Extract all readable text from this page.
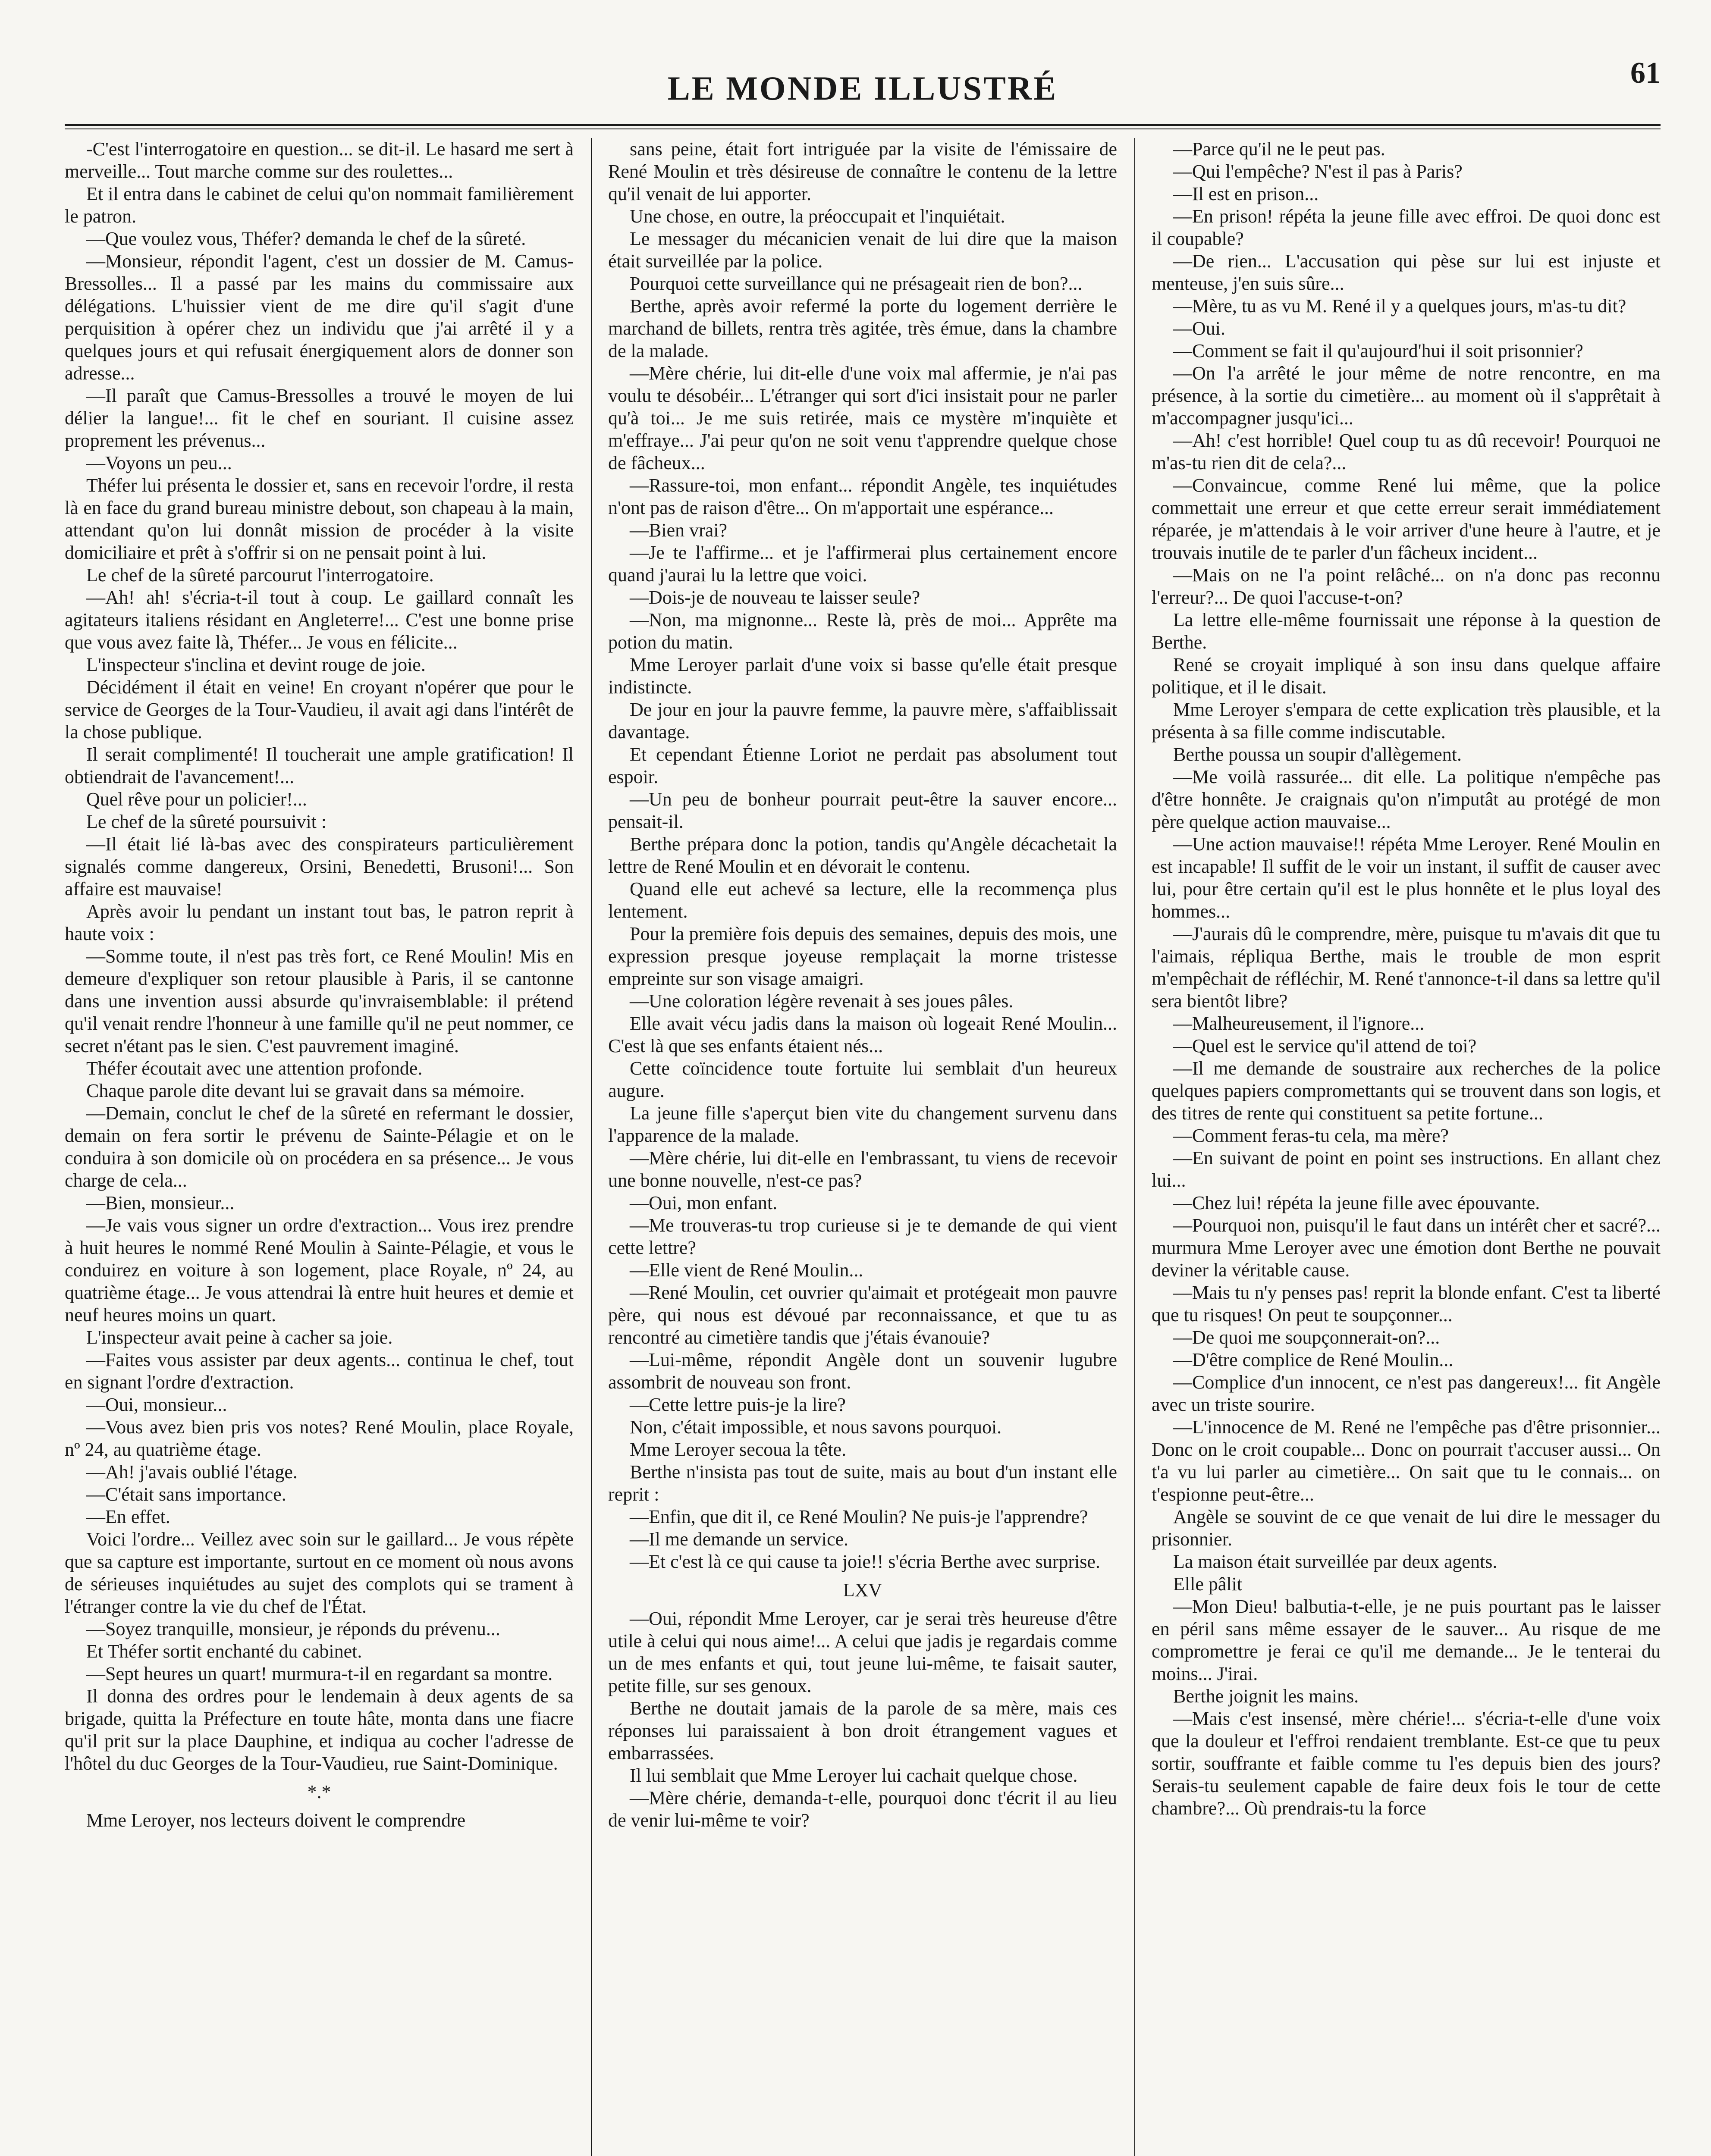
LE MONDE ILLUSTRÉ	61

-C'est l'interrogatoire en question... se dit-il. Le hasard me sert à merveille... Tout marche comme sur des roulettes...

Et il entra dans le cabinet de celui qu'on nommait familièrement le patron.

—Que voulez vous, Théfer? demanda le chef de la sûreté.

—Monsieur, répondit l'agent, c'est un dossier de M. Camus-Bressolles... Il a passé par les mains du commissaire aux délégations. L'huissier vient de me dire qu'il s'agit d'une perquisition à opérer chez un individu que j'ai arrêté il y a quelques jours et qui refusait énergiquement alors de donner son adresse...

—Il paraît que Camus-Bressolles a trouvé le moyen de lui délier la langue!... fit le chef en souriant. Il cuisine assez proprement les prévenus...

—Voyons un peu...

Théfer lui présenta le dossier et, sans en recevoir l'ordre, il resta là en face du grand bureau ministre debout, son chapeau à la main, attendant qu'on lui donnât mission de procéder à la visite domiciliaire et prêt à s'offrir si on ne pensait point à lui.

Le chef de la sûreté parcourut l'interrogatoire.

—Ah! ah! s'écria-t-il tout à coup. Le gaillard connaît les agitateurs italiens résidant en Angleterre!... C'est une bonne prise que vous avez faite là, Théfer... Je vous en félicite...

L'inspecteur s'inclina et devint rouge de joie.

Décidément il était en veine! En croyant n'opérer que pour le service de Georges de la Tour-Vaudieu, il avait agi dans l'intérêt de la chose publique.

Il serait complimenté! Il toucherait une ample gratification! Il obtiendrait de l'avancement!...

Quel rêve pour un policier!...

Le chef de la sûreté poursuivit :

—Il était lié là-bas avec des conspirateurs particulièrement signalés comme dangereux, Orsini, Benedetti, Brusoni!... Son affaire est mauvaise!

Après avoir lu pendant un instant tout bas, le patron reprit à haute voix :

—Somme toute, il n'est pas très fort, ce René Moulin! Mis en demeure d'expliquer son retour plausible à Paris, il se cantonne dans une invention aussi absurde qu'invraisemblable: il prétend qu'il venait rendre l'honneur à une famille qu'il ne peut nommer, ce secret n'étant pas le sien. C'est pauvrement imaginé.

Théfer écoutait avec une attention profonde.

Chaque parole dite devant lui se gravait dans sa mémoire.

—Demain, conclut le chef de la sûreté en refermant le dossier, demain on fera sortir le prévenu de Sainte-Pélagie et on le conduira à son domicile où on procédera en sa présence... Je vous charge de cela...

—Bien, monsieur...

—Je vais vous signer un ordre d'extraction... Vous irez prendre à huit heures le nommé René Moulin à Sainte-Pélagie, et vous le conduirez en voiture à son logement, place Royale, nº 24, au quatrième étage... Je vous attendrai là entre huit heures et demie et neuf heures moins un quart.

L'inspecteur avait peine à cacher sa joie.

—Faites vous assister par deux agents... continua le chef, tout en signant l'ordre d'extraction.

—Oui, monsieur...

—Vous avez bien pris vos notes? René Moulin, place Royale, nº 24, au quatrième étage.

—Ah! j'avais oublié l'étage.

—C'était sans importance.

—En effet.

Voici l'ordre... Veillez avec soin sur le gaillard... Je vous répète que sa capture est importante, surtout en ce moment où nous avons de sérieuses inquiétudes au sujet des complots qui se trament à l'étranger contre la vie du chef de l'État.

—Soyez tranquille, monsieur, je réponds du prévenu...

Et Théfer sortit enchanté du cabinet.

—Sept heures un quart! murmura-t-il en regardant sa montre.

Il donna des ordres pour le lendemain à deux agents de sa brigade, quitta la Préfecture en toute hâte, monta dans une fiacre qu'il prit sur la place Dauphine, et indiqua au cocher l'adresse de l'hôtel du duc Georges de la Tour-Vaudieu, rue Saint-Dominique.

*.*

Mme Leroyer, nos lecteurs doivent le comprendre

sans peine, était fort intriguée par la visite de l'émissaire de René Moulin et très désireuse de connaître le contenu de la lettre qu'il venait de lui apporter.

Une chose, en outre, la préoccupait et l'inquiétait.

Le messager du mécanicien venait de lui dire que la maison était surveillée par la police.

Pourquoi cette surveillance qui ne présageait rien de bon?...

Berthe, après avoir refermé la porte du logement derrière le marchand de billets, rentra très agitée, très émue, dans la chambre de la malade.

—Mère chérie, lui dit-elle d'une voix mal affermie, je n'ai pas voulu te désobéir... L'étranger qui sort d'ici insistait pour ne parler qu'à toi... Je me suis retirée, mais ce mystère m'inquiète et m'effraye... J'ai peur qu'on ne soit venu t'apprendre quelque chose de fâcheux...

—Rassure-toi, mon enfant... répondit Angèle, tes inquiétudes n'ont pas de raison d'être... On m'apportait une espérance...

—Bien vrai?

—Je te l'affirme... et je l'affirmerai plus certainement encore quand j'aurai lu la lettre que voici.

—Dois-je de nouveau te laisser seule?

—Non, ma mignonne... Reste là, près de moi... Apprête ma potion du matin.

Mme Leroyer parlait d'une voix si basse qu'elle était presque indistincte.

De jour en jour la pauvre femme, la pauvre mère, s'affaiblissait davantage.

Et cependant Étienne Loriot ne perdait pas absolument tout espoir.

—Un peu de bonheur pourrait peut-être la sauver encore... pensait-il.

Berthe prépara donc la potion, tandis qu'Angèle décachetait la lettre de René Moulin et en dévorait le contenu.

Quand elle eut achevé sa lecture, elle la recommença plus lentement.

Pour la première fois depuis des semaines, depuis des mois, une expression presque joyeuse remplaçait la morne tristesse empreinte sur son visage amaigri.

—Une coloration légère revenait à ses joues pâles.

Elle avait vécu jadis dans la maison où logeait René Moulin... C'est là que ses enfants étaient nés...

Cette coïncidence toute fortuite lui semblait d'un heureux augure.

La jeune fille s'aperçut bien vite du changement survenu dans l'apparence de la malade.

—Mère chérie, lui dit-elle en l'embrassant, tu viens de recevoir une bonne nouvelle, n'est-ce pas?

—Oui, mon enfant.

—Me trouveras-tu trop curieuse si je te demande de qui vient cette lettre?

—Elle vient de René Moulin...

—René Moulin, cet ouvrier qu'aimait et protégeait mon pauvre père, qui nous est dévoué par reconnaissance, et que tu as rencontré au cimetière tandis que j'étais évanouie?

—Lui-même, répondit Angèle dont un souvenir lugubre assombrit de nouveau son front.

—Cette lettre puis-je la lire?

Non, c'était impossible, et nous savons pourquoi.

Mme Leroyer secoua la tête.

Berthe n'insista pas tout de suite, mais au bout d'un instant elle reprit :

—Enfin, que dit il, ce René Moulin? Ne puis-je l'apprendre?

—Il me demande un service.

—Et c'est là ce qui cause ta joie!! s'écria Berthe avec surprise.

LXV

—Oui, répondit Mme Leroyer, car je serai très heureuse d'être utile à celui qui nous aime!... A celui que jadis je regardais comme un de mes enfants et qui, tout jeune lui-même, te faisait sauter, petite fille, sur ses genoux.

Berthe ne doutait jamais de la parole de sa mère, mais ces réponses lui paraissaient à bon droit étrangement vagues et embarrassées.

Il lui semblait que Mme Leroyer lui cachait quelque chose.

—Mère chérie, demanda-t-elle, pourquoi donc t'écrit il au lieu de venir lui-même te voir?

—Parce qu'il ne le peut pas.

—Qui l'empêche? N'est il pas à Paris?

—Il est en prison...

—En prison! répéta la jeune fille avec effroi. De quoi donc est il coupable?

—De rien... L'accusation qui pèse sur lui est injuste et menteuse, j'en suis sûre...

—Mère, tu as vu M. René il y a quelques jours, m'as-tu dit?

—Oui.

—Comment se fait il qu'aujourd'hui il soit prisonnier?

—On l'a arrêté le jour même de notre rencontre, en ma présence, à la sortie du cimetière... au moment où il s'apprêtait à m'accompagner jusqu'ici...

—Ah! c'est horrible! Quel coup tu as dû recevoir! Pourquoi ne m'as-tu rien dit de cela?...

—Convaincue, comme René lui même, que la police commettait une erreur et que cette erreur serait immédiatement réparée, je m'attendais à le voir arriver d'une heure à l'autre, et je trouvais inutile de te parler d'un fâcheux incident...

—Mais on ne l'a point relâché... on n'a donc pas reconnu l'erreur?... De quoi l'accuse-t-on?

La lettre elle-même fournissait une réponse à la question de Berthe.

René se croyait impliqué à son insu dans quelque affaire politique, et il le disait.

Mme Leroyer s'empara de cette explication très plausible, et la présenta à sa fille comme indiscutable.

Berthe poussa un soupir d'allègement.

—Me voilà rassurée... dit elle. La politique n'empêche pas d'être honnête. Je craignais qu'on n'imputât au protégé de mon père quelque action mauvaise...

—Une action mauvaise!! répéta Mme Leroyer. René Moulin en est incapable! Il suffit de le voir un instant, il suffit de causer avec lui, pour être certain qu'il est le plus honnête et le plus loyal des hommes...

—J'aurais dû le comprendre, mère, puisque tu m'avais dit que tu l'aimais, répliqua Berthe, mais le trouble de mon esprit m'empêchait de réfléchir, M. René t'annonce-t-il dans sa lettre qu'il sera bientôt libre?

—Malheureusement, il l'ignore...

—Quel est le service qu'il attend de toi?

—Il me demande de soustraire aux recherches de la police quelques papiers compromettants qui se trouvent dans son logis, et des titres de rente qui constituent sa petite fortune...

—Comment feras-tu cela, ma mère?

—En suivant de point en point ses instructions. En allant chez lui...

—Chez lui! répéta la jeune fille avec épouvante.

—Pourquoi non, puisqu'il le faut dans un intérêt cher et sacré?... murmura Mme Leroyer avec une émotion dont Berthe ne pouvait deviner la véritable cause.

—Mais tu n'y penses pas! reprit la blonde enfant. C'est ta liberté que tu risques! On peut te soupçonner...

—De quoi me soupçonnerait-on?...

—D'être complice de René Moulin...

—Complice d'un innocent, ce n'est pas dangereux!... fit Angèle avec un triste sourire.

—L'innocence de M. René ne l'empêche pas d'être prisonnier... Donc on le croit coupable... Donc on pourrait t'accuser aussi... On t'a vu lui parler au cimetière... On sait que tu le connais... on t'espionne peut-être...

Angèle se souvint de ce que venait de lui dire le messager du prisonnier.

La maison était surveillée par deux agents.

Elle pâlit

—Mon Dieu! balbutia-t-elle, je ne puis pourtant pas le laisser en péril sans même essayer de le sauver... Au risque de me compromettre je ferai ce qu'il me demande... Je le tenterai du moins... J'irai.

Berthe joignit les mains.

—Mais c'est insensé, mère chérie!... s'écria-t-elle d'une voix que la douleur et l'effroi rendaient tremblante. Est-ce que tu peux sortir, souffrante et faible comme tu l'es depuis bien des jours? Serais-tu seulement capable de faire deux fois le tour de cette chambre?... Où prendrais-tu la force
